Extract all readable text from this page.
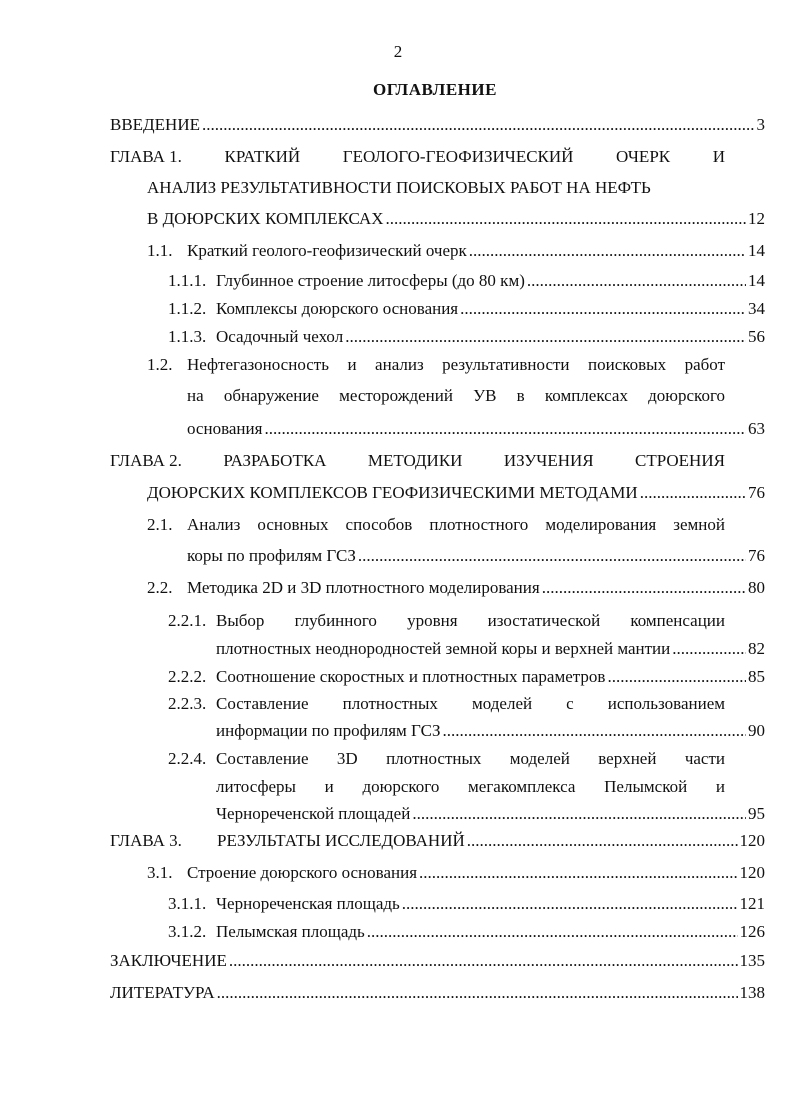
2
ОГЛАВЛЕНИЕ
ВВЕДЕНИЕ .....	3
ГЛАВА 1.	КРАТКИЙ	ГЕОЛОГО-ГЕОФИЗИЧЕСКИЙ	ОЧЕРК	И
АНАЛИЗ РЕЗУЛЬТАТИВНОСТИ ПОИСКОВЫХ РАБОТ НА НЕФТЬ
В ДОЮРСКИХ КОМПЛЕКСАХ .....	12
1.1. Краткий геолого-геофизический очерк .....	14
1.1.1. Глубинное строение литосферы (до 80 км) .....	14
1.1.2. Комплексы доюрского основания .....	34
1.1.3. Осадочный чехол .....	56
1.2. Нефтегазоносность и анализ результативности поисковых работ
на обнаружение месторождений УВ в комплексах доюрского
основания .....	63
ГЛАВА 2. РАЗРАБОТКА МЕТОДИКИ ИЗУЧЕНИЯ СТРОЕНИЯ
ДОЮРСКИХ КОМПЛЕКСОВ ГЕОФИЗИЧЕСКИМИ МЕТОДАМИ .....	76
2.1. Анализ основных способов плотностного моделирования земной
коры по профилям ГСЗ .....	76
2.2. Методика 2D и 3D плотностного моделирования .....	80
2.2.1. Выбор глубинного уровня изостатической компенсации
плотностных неоднородностей земной коры и верхней мантии .....	82
2.2.2. Соотношение скоростных и плотностных параметров .....	85
2.2.3. Составление плотностных моделей с использованием
информации по профилям ГСЗ .....	90
2.2.4. Составление 3D плотностных моделей верхней части
литосферы и доюрского мегакомплекса Пелымской и
Чернореченской площадей .....	95
ГЛАВА 3.	РЕЗУЛЬТАТЫ ИССЛЕДОВАНИЙ .....	120
3.1. Строение доюрского основания .....	120
3.1.1. Чернореченская площадь .....	121
3.1.2. Пелымская площадь .....	126
ЗАКЛЮЧЕНИЕ .....	135
ЛИТЕРАТУРА .....	138
